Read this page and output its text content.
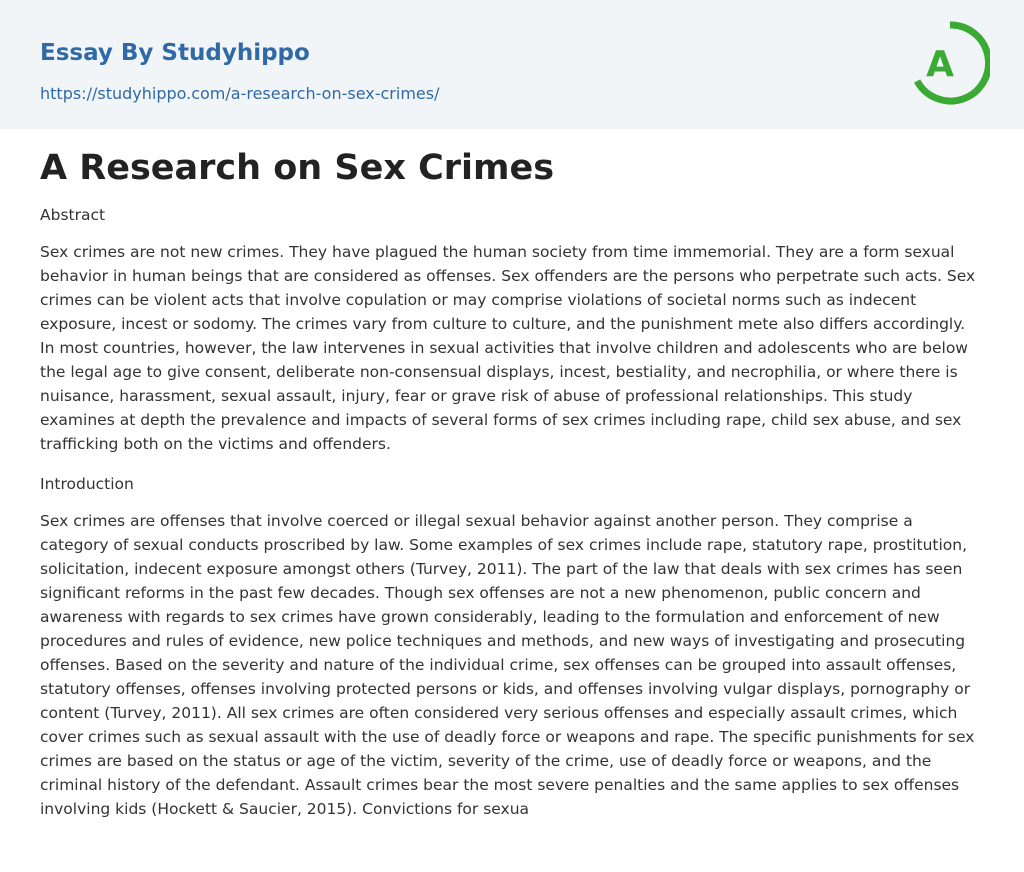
Essay By Studyhippo
https://studyhippo.com/a-research-on-sex-crimes/
A
A Research on Sex Crimes

Abstract

Sex crimes are not new crimes. They have plagued the human society from time immemorial. They are a form sexual behavior in human beings that are considered as offenses. Sex offenders are the persons who perpetrate such acts. Sex crimes can be violent acts that involve copulation or may comprise violations of societal norms such as indecent exposure, incest or sodomy. The crimes vary from culture to culture, and the punishment mete also differs accordingly. In most countries, however, the law intervenes in sexual activities that involve children and adolescents who are below the legal age to give consent, deliberate non-consensual displays, incest, bestiality, and necrophilia, or where there is nuisance, harassment, sexual assault, injury, fear or grave risk of abuse of professional relationships. This study examines at depth the prevalence and impacts of several forms of sex crimes including rape, child sex abuse, and sex trafficking both on the victims and offenders.

Introduction

Sex crimes are offenses that involve coerced or illegal sexual behavior against another person. They comprise a category of sexual conducts proscribed by law. Some examples of sex crimes include rape, statutory rape, prostitution, solicitation, indecent exposure amongst others (Turvey, 2011). The part of the law that deals with sex crimes has seen significant reforms in the past few decades. Though sex offenses are not a new phenomenon, public concern and awareness with regards to sex crimes have grown considerably, leading to the formulation and enforcement of new procedures and rules of evidence, new police techniques and methods, and new ways of investigating and prosecuting offenses. Based on the severity and nature of the individual crime, sex offenses can be grouped into assault offenses, statutory offenses, offenses involving protected persons or kids, and offenses involving vulgar displays, pornography or content (Turvey, 2011). All sex crimes are often considered very serious offenses and especially assault crimes, which cover crimes such as sexual assault with the use of deadly force or weapons and rape. The specific punishments for sex crimes are based on the status or age of the victim, severity of the crime, use of deadly force or weapons, and the criminal history of the defendant. Assault crimes bear the most severe penalties and the same applies to sex offenses involving kids (Hockett & Saucier, 2015). Convictions for sexua
